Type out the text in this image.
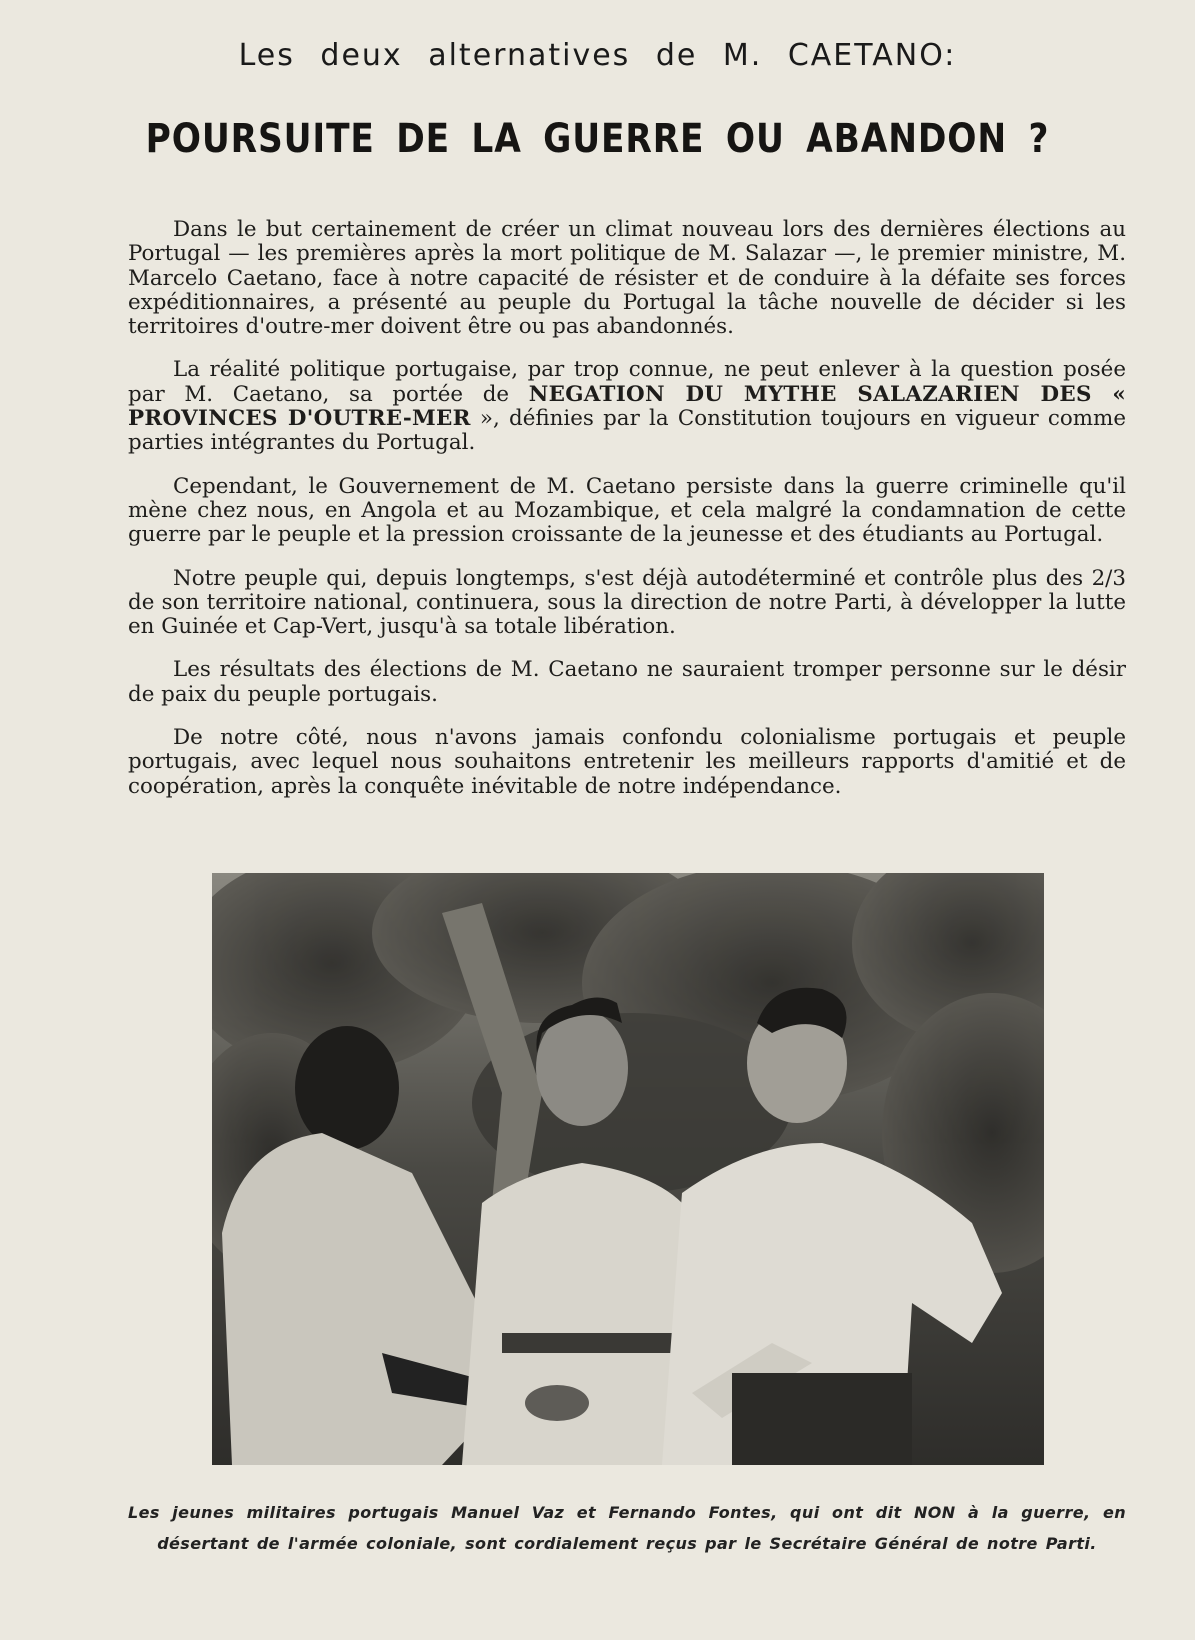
Les deux alternatives de M. CAETANO:
POURSUITE DE LA GUERRE OU ABANDON ?

Dans le but certainement de créer un climat nouveau lors des dernières élections au Portugal — les premières après la mort politique de M. Salazar —, le premier ministre, M. Marcelo Caetano, face à notre capacité de résister et de conduire à la défaite ses forces expéditionnaires, a présenté au peuple du Portugal la tâche nouvelle de décider si les territoires d'outre-mer doivent être ou pas abandonnés.

La réalité politique portugaise, par trop connue, ne peut enlever à la question posée par M. Caetano, sa portée de NEGATION DU MYTHE SALAZARIEN DES « PROVINCES D'OUTRE-MER », définies par la Constitution toujours en vigueur comme parties intégrantes du Portugal.

Cependant, le Gouvernement de M. Caetano persiste dans la guerre criminelle qu'il mène chez nous, en Angola et au Mozambique, et cela malgré la condamnation de cette guerre par le peuple et la pression croissante de la jeunesse et des étudiants au Portugal.

Notre peuple qui, depuis longtemps, s'est déjà autodéterminé et contrôle plus des 2/3 de son territoire national, continuera, sous la direction de notre Parti, à développer la lutte en Guinée et Cap-Vert, jusqu'à sa totale libération.

Les résultats des élections de M. Caetano ne sauraient tromper personne sur le désir de paix du peuple portugais.

De notre côté, nous n'avons jamais confondu colonialisme portugais et peuple portugais, avec lequel nous souhaitons entretenir les meilleurs rapports d'amitié et de coopération, après la conquête inévitable de notre indépendance.

Les jeunes militaires portugais Manuel Vaz et Fernando Fontes, qui ont dit NON à la guerre, en désertant de l'armée coloniale, sont cordialement reçus par le Secrétaire Général de notre Parti.
